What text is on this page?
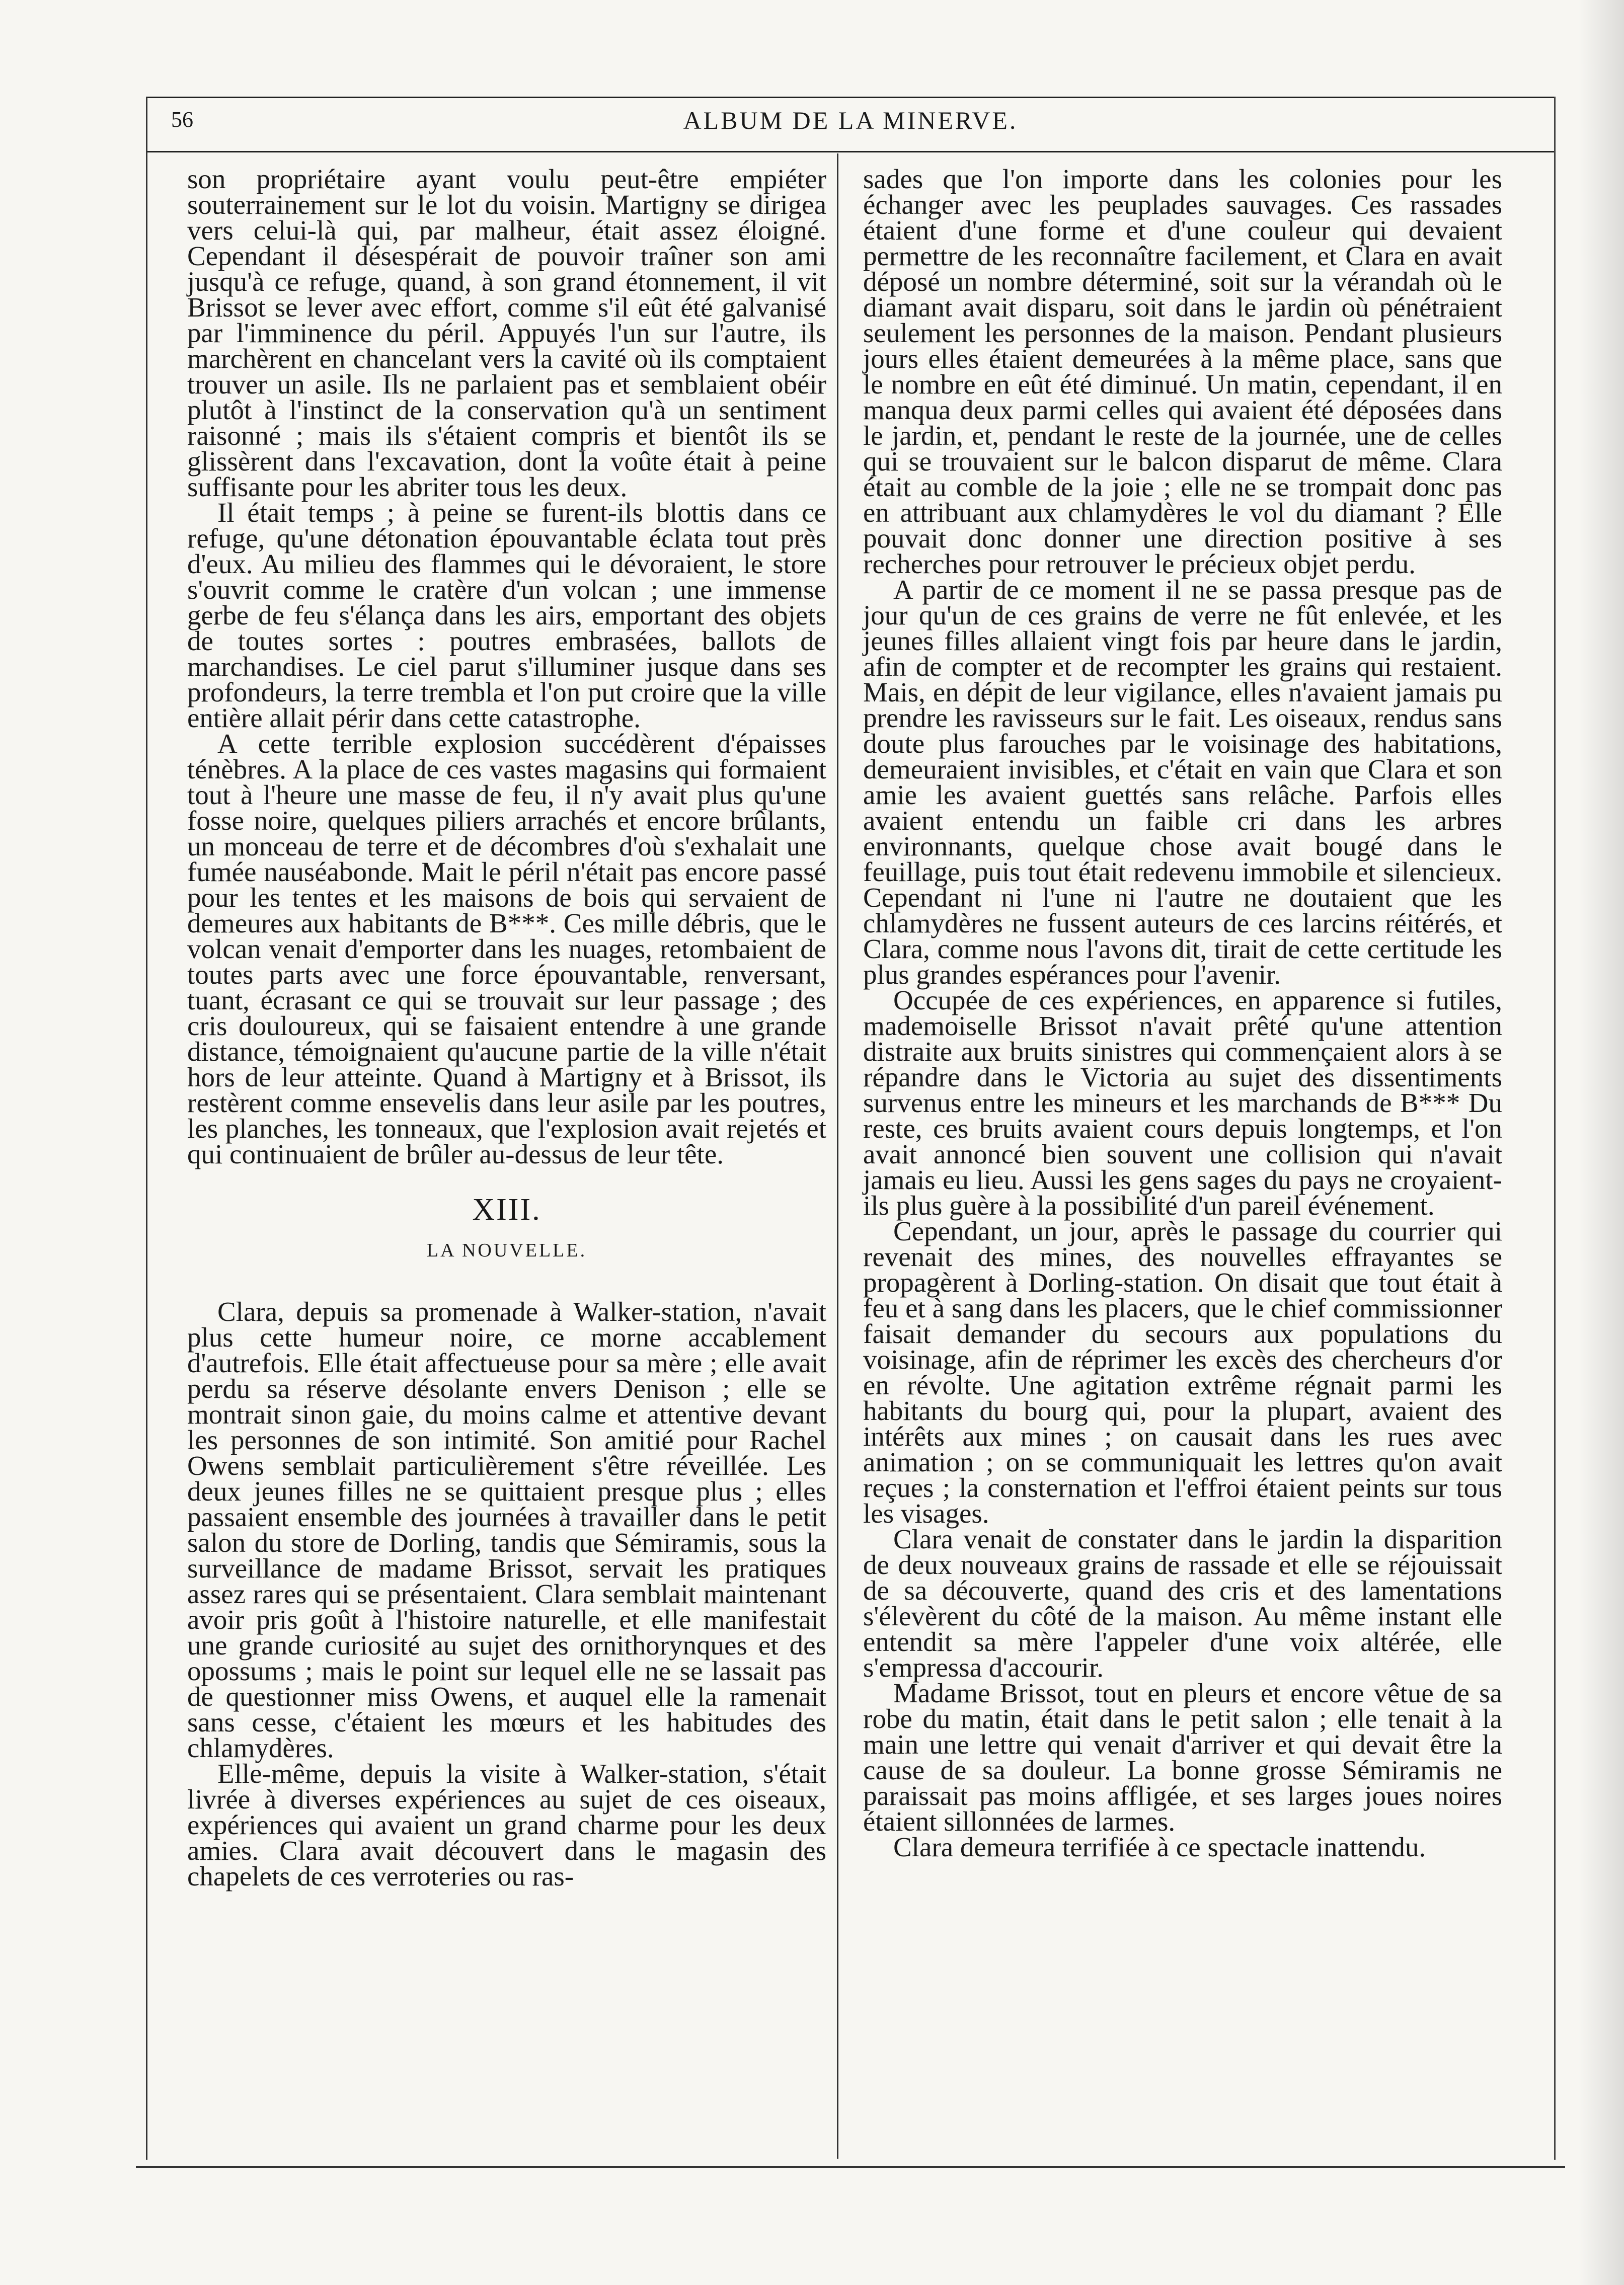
56	ALBUM DE LA MINERVE.

son propriétaire ayant voulu peut-être empiéter souterrainement sur le lot du voisin. Martigny se dirigea vers celui-là qui, par malheur, était assez éloigné. Cependant il désespérait de pouvoir traîner son ami jusqu'à ce refuge, quand, à son grand étonnement, il vit Brissot se lever avec effort, comme s'il eût été galvanisé par l'imminence du péril. Appuyés l'un sur l'autre, ils marchèrent en chancelant vers la cavité où ils comptaient trouver un asile. Ils ne parlaient pas et semblaient obéir plutôt à l'instinct de la conservation qu'à un sentiment raisonné ; mais ils s'étaient compris et bientôt ils se glissèrent dans l'excavation, dont la voûte était à peine suffisante pour les abriter tous les deux.

Il était temps ; à peine se furent-ils blottis dans ce refuge, qu'une détonation épouvantable éclata tout près d'eux. Au milieu des flammes qui le dévoraient, le store s'ouvrit comme le cratère d'un volcan ; une immense gerbe de feu s'élança dans les airs, emportant des objets de toutes sortes : poutres embrasées, ballots de marchandises. Le ciel parut s'illuminer jusque dans ses profondeurs, la terre trembla et l'on put croire que la ville entière allait périr dans cette catastrophe.

A cette terrible explosion succédèrent d'épaisses ténèbres. A la place de ces vastes magasins qui formaient tout à l'heure une masse de feu, il n'y avait plus qu'une fosse noire, quelques piliers arrachés et encore brûlants, un monceau de terre et de décombres d'où s'exhalait une fumée nauséabonde. Mait le péril n'était pas encore passé pour les tentes et les maisons de bois qui servaient de demeures aux habitants de B***. Ces mille débris, que le volcan venait d'emporter dans les nuages, retombaient de toutes parts avec une force épouvantable, renversant, tuant, écrasant ce qui se trouvait sur leur passage ; des cris douloureux, qui se faisaient entendre à une grande distance, témoignaient qu'aucune partie de la ville n'était hors de leur atteinte. Quand à Martigny et à Brissot, ils restèrent comme ensevelis dans leur asile par les poutres, les planches, les tonneaux, que l'explosion avait rejetés et qui continuaient de brûler au-dessus de leur tête.

XIII.
LA NOUVELLE.

Clara, depuis sa promenade à Walker-station, n'avait plus cette humeur noire, ce morne accablement d'autrefois. Elle était affectueuse pour sa mère ; elle avait perdu sa réserve désolante envers Denison ; elle se montrait sinon gaie, du moins calme et attentive devant les personnes de son intimité. Son amitié pour Rachel Owens semblait particulièrement s'être réveillée. Les deux jeunes filles ne se quittaient presque plus ; elles passaient ensemble des journées à travailler dans le petit salon du store de Dorling, tandis que Sémiramis, sous la surveillance de madame Brissot, servait les pratiques assez rares qui se présentaient. Clara semblait maintenant avoir pris goût à l'histoire naturelle, et elle manifestait une grande curiosité au sujet des ornithorynques et des opossums ; mais le point sur lequel elle ne se lassait pas de questionner miss Owens, et auquel elle la ramenait sans cesse, c'étaient les mœurs et les habitudes des chlamydères.

Elle-même, depuis la visite à Walker-station, s'était livrée à diverses expériences au sujet de ces oiseaux, expériences qui avaient un grand charme pour les deux amies. Clara avait découvert dans le magasin des chapelets de ces verroteries ou ras-

sades que l'on importe dans les colonies pour les échanger avec les peuplades sauvages. Ces rassades étaient d'une forme et d'une couleur qui devaient permettre de les reconnaître facilement, et Clara en avait déposé un nombre déterminé, soit sur la vérandah où le diamant avait disparu, soit dans le jardin où pénétraient seulement les personnes de la maison. Pendant plusieurs jours elles étaient demeurées à la même place, sans que le nombre en eût été diminué. Un matin, cependant, il en manqua deux parmi celles qui avaient été déposées dans le jardin, et, pendant le reste de la journée, une de celles qui se trouvaient sur le balcon disparut de même. Clara était au comble de la joie ; elle ne se trompait donc pas en attribuant aux chlamydères le vol du diamant ? Elle pouvait donc donner une direction positive à ses recherches pour retrouver le précieux objet perdu.

A partir de ce moment il ne se passa presque pas de jour qu'un de ces grains de verre ne fût enlevée, et les jeunes filles allaient vingt fois par heure dans le jardin, afin de compter et de recompter les grains qui restaient. Mais, en dépit de leur vigilance, elles n'avaient jamais pu prendre les ravisseurs sur le fait. Les oiseaux, rendus sans doute plus farouches par le voisinage des habitations, demeuraient invisibles, et c'était en vain que Clara et son amie les avaient guettés sans relâche. Parfois elles avaient entendu un faible cri dans les arbres environnants, quelque chose avait bougé dans le feuillage, puis tout était redevenu immobile et silencieux. Cependant ni l'une ni l'autre ne doutaient que les chlamydères ne fussent auteurs de ces larcins réitérés, et Clara, comme nous l'avons dit, tirait de cette certitude les plus grandes espérances pour l'avenir.

Occupée de ces expériences, en apparence si futiles, mademoiselle Brissot n'avait prêté qu'une attention distraite aux bruits sinistres qui commençaient alors à se répandre dans le Victoria au sujet des dissentiments survenus entre les mineurs et les marchands de B*** Du reste, ces bruits avaient cours depuis longtemps, et l'on avait annoncé bien souvent une collision qui n'avait jamais eu lieu. Aussi les gens sages du pays ne croyaient-ils plus guère à la possibilité d'un pareil événement.

Cependant, un jour, après le passage du courrier qui revenait des mines, des nouvelles effrayantes se propagèrent à Dorling-station. On disait que tout était à feu et à sang dans les placers, que le chief commissionner faisait demander du secours aux populations du voisinage, afin de réprimer les excès des chercheurs d'or en révolte. Une agitation extrême régnait parmi les habitants du bourg qui, pour la plupart, avaient des intérêts aux mines ; on causait dans les rues avec animation ; on se communiquait les lettres qu'on avait reçues ; la consternation et l'effroi étaient peints sur tous les visages.

Clara venait de constater dans le jardin la disparition de deux nouveaux grains de rassade et elle se réjouissait de sa découverte, quand des cris et des lamentations s'élevèrent du côté de la maison. Au même instant elle entendit sa mère l'appeler d'une voix altérée, elle s'empressa d'accourir.

Madame Brissot, tout en pleurs et encore vêtue de sa robe du matin, était dans le petit salon ; elle tenait à la main une lettre qui venait d'arriver et qui devait être la cause de sa douleur. La bonne grosse Sémiramis ne paraissait pas moins affligée, et ses larges joues noires étaient sillonnées de larmes.

Clara demeura terrifiée à ce spectacle inattendu.
